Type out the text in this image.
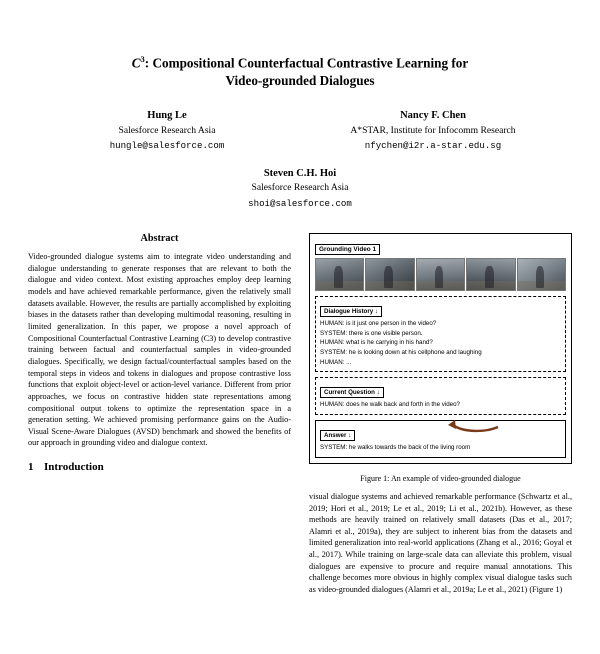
$C^3$: Compositional Counterfactual Contrastive Learning for
Video-grounded Dialogues
Hung Le
Salesforce Research Asia
hungle@salesforce.com
Nancy F. Chen
A*STAR, Institute for Infocomm Research
nfychen@i2r.a-star.edu.sg
Steven C.H. Hoi
Salesforce Research Asia
shoi@salesforce.com
Abstract
Video-grounded dialogue systems aim to integrate video understanding and dialogue understanding to generate responses that are relevant to both the dialogue and video context. Most existing approaches employ deep learning models and have achieved remarkable performance, given the relatively small datasets available. However, the results are partially accomplished by exploiting biases in the datasets rather than developing multimodal reasoning, resulting in limited generalization. In this paper, we propose a novel approach of Compositional Counterfactual Contrastive Learning (C3) to develop contrastive training between factual and counterfactual samples in video-grounded dialogues. Specifically, we design factual/counterfactual samples based on the temporal steps in videos and tokens in dialogues and propose contrastive loss functions that exploit object-level or action-level variance. Different from prior approaches, we focus on contrastive hidden state representations among compositional output tokens to optimize the representation space in a generation setting. We achieved promising performance gains on the Audio-Visual Scene-Aware Dialogues (AVSD) benchmark and showed the benefits of our approach in grounding video and dialogue context.
1 Introduction
Grounding Video 1
Dialogue History ↓
HUMAN: is it just one person in the video?
SYSTEM: there is one visible person.
HUMAN: what is he carrying in his hand?
SYSTEM: he is looking down at his cellphone and laughing
HUMAN: ...
Current Question ↓
HUMAN: does he walk back and forth in the video?
Answer ↓
SYSTEM: he walks towards the back of the living room
Figure 1: An example of video-grounded dialogue
visual dialogue systems and achieved remarkable performance (Schwartz et al., 2019; Hori et al., 2019; Le et al., 2019; Li et al., 2021b). However, as these methods are heavily trained on relatively small datasets (Das et al., 2017; Alamri et al., 2019a), they are subject to inherent bias from the datasets and limited generalization into real-world applications (Zhang et al., 2016; Goyal et al., 2017). While training on large-scale data can alleviate this problem, visual dialogues are expensive to procure and require manual annotations. This challenge becomes more obvious in highly complex visual dialogue tasks such as video-grounded dialogues (Alamri et al., 2019a; Le et al., 2021) (Figure 1)
